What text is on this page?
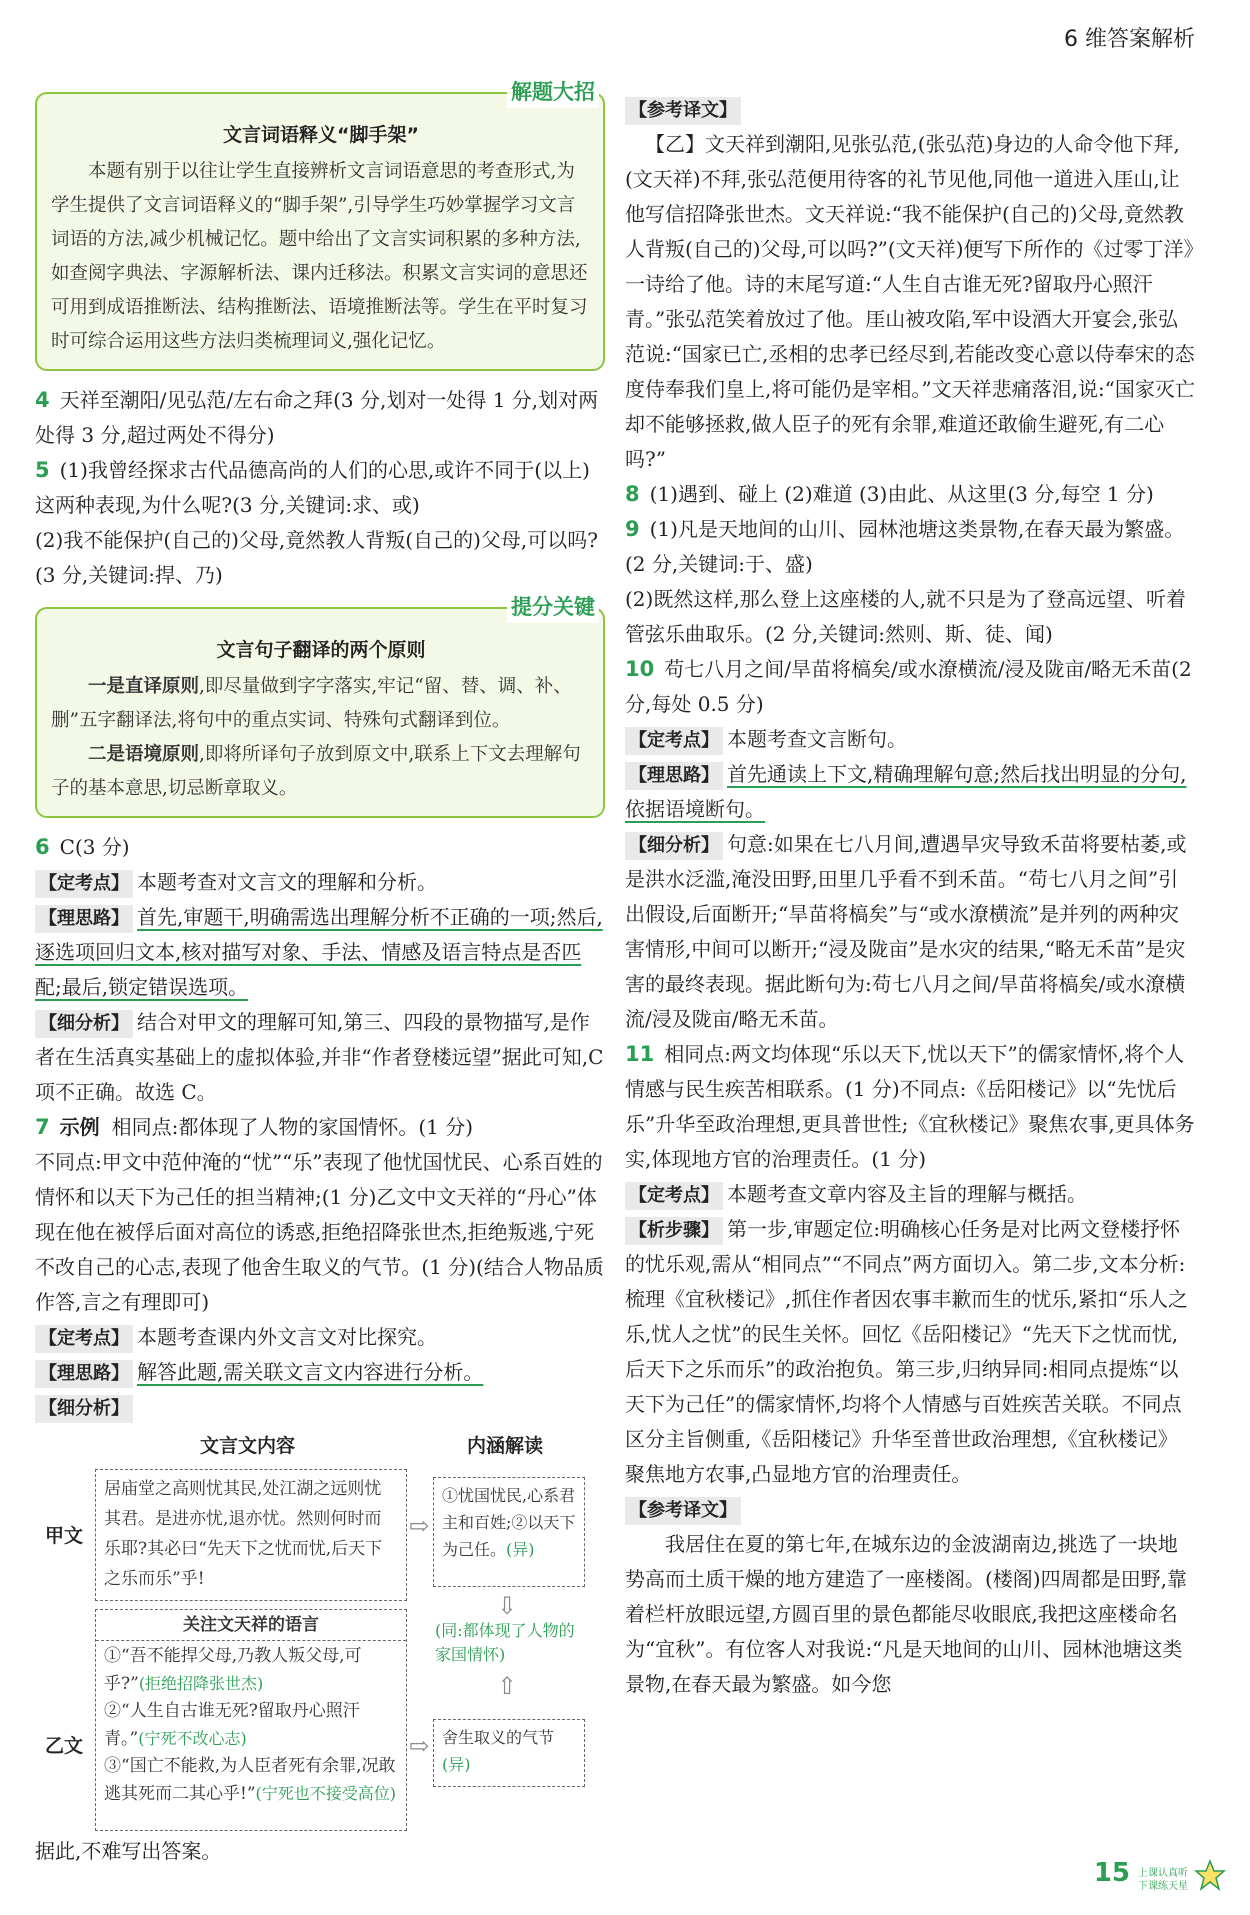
6 维答案解析
解题大招
文言词语释义“脚手架”
本题有别于以往让学生直接辨析文言词语意思的考查形式,为学生提供了文言词语释义的“脚手架”,引导学生巧妙掌握学习文言词语的方法,减少机械记忆。题中给出了文言实词积累的多种方法,如查阅字典法、字源解析法、课内迁移法。积累文言实词的意思还可用到成语推断法、结构推断法、语境推断法等。学生在平时复习时可综合运用这些方法归类梳理词义,强化记忆。

4 天祥至潮阳/见弘范/左右命之拜(3 分,划对一处得 1 分,划对两处得 3 分,超过两处不得分)

5 (1)我曾经探求古代品德高尚的人们的心思,或许不同于(以上)这两种表现,为什么呢?(3 分,关键词:求、或)

(2)我不能保护(自己的)父母,竟然教人背叛(自己的)父母,可以吗?(3 分,关键词:捍、乃)

提分关键
文言句子翻译的两个原则
一是直译原则,即尽量做到字字落实,牢记“留、替、调、补、删”五字翻译法,将句中的重点实词、特殊句式翻译到位。
二是语境原则,即将所译句子放到原文中,联系上下文去理解句子的基本意思,切忌断章取义。

6 C(3 分)

【定考点】 本题考查对文言文的理解和分析。

【理思路】 首先,审题干,明确需选出理解分析不正确的一项;然后,逐选项回归文本,核对描写对象、手法、情感及语言特点是否匹配;最后,锁定错误选项。

【细分析】 结合对甲文的理解可知,第三、四段的景物描写,是作者在生活真实基础上的虚拟体验,并非“作者登楼远望”据此可知,C 项不正确。故选 C。

7 示例 相同点:都体现了人物的家国情怀。(1 分)

不同点:甲文中范仲淹的“忧”“乐”表现了他忧国忧民、心系百姓的情怀和以天下为己任的担当精神;(1 分)乙文中文天祥的“丹心”体现在他在被俘后面对高位的诱惑,拒绝招降张世杰,拒绝叛逃,宁死不改自己的心志,表现了他舍生取义的气节。(1 分)(结合人物品质作答,言之有理即可)

【定考点】 本题考查课内外文言文对比探究。

【理思路】 解答此题,需关联文言文内容进行分析。

【细分析】

文言文内容	内涵解读
甲文
居庙堂之高则忧其民,处江湖之远则忧其君。是进亦忧,退亦忧。然则何时而乐耶?其必曰“先天下之忧而忧,后天下之乐而乐”乎!
⇨
①忧国忧民,心系君主和百姓;②以天下为己任。(异)
⇩
(同:都体现了人物的家国情怀)
⇧
乙文
关注文天祥的语言
①“吾不能捍父母,乃教人叛父母,可乎?”(拒绝招降张世杰)
②“人生自古谁无死?留取丹心照汗青。”(宁死不改心志)
③“国亡不能救,为人臣者死有余罪,况敢逃其死而二其心乎!”(宁死也不接受高位)
⇨ 舍生取义的气节(异)

据此,不难写出答案。

【参考译文】

【乙】文天祥到潮阳,见张弘范,(张弘范)身边的人命令他下拜,(文天祥)不拜,张弘范便用待客的礼节见他,同他一道进入厓山,让他写信招降张世杰。文天祥说:“我不能保护(自己的)父母,竟然教人背叛(自己的)父母,可以吗?”(文天祥)便写下所作的《过零丁洋》一诗给了他。诗的末尾写道:“人生自古谁无死?留取丹心照汗青。”张弘范笑着放过了他。厓山被攻陷,军中设酒大开宴会,张弘范说:“国家已亡,丞相的忠孝已经尽到,若能改变心意以侍奉宋的态度侍奉我们皇上,将可能仍是宰相。”文天祥悲痛落泪,说:“国家灭亡却不能够拯救,做人臣子的死有余罪,难道还敢偷生避死,有二心吗?”

8 (1)遇到、碰上 (2)难道 (3)由此、从这里(3 分,每空 1 分)

9 (1)凡是天地间的山川、园林池塘这类景物,在春天最为繁盛。(2 分,关键词:于、盛)

(2)既然这样,那么登上这座楼的人,就不只是为了登高远望、听着管弦乐曲取乐。(2 分,关键词:然则、斯、徒、闻)

10 苟七八月之间/旱苗将槁矣/或水潦横流/浸及陇亩/略无禾苗(2 分,每处 0.5 分)

【定考点】 本题考查文言断句。

【理思路】 首先通读上下文,精确理解句意;然后找出明显的分句,依据语境断句。

【细分析】 句意:如果在七八月间,遭遇旱灾导致禾苗将要枯萎,或是洪水泛滥,淹没田野,田里几乎看不到禾苗。“苟七八月之间”引出假设,后面断开;“旱苗将槁矣”与“或水潦横流”是并列的两种灾害情形,中间可以断开;“浸及陇亩”是水灾的结果,“略无禾苗”是灾害的最终表现。据此断句为:苟七八月之间/旱苗将槁矣/或水潦横流/浸及陇亩/略无禾苗。

11 相同点:两文均体现“乐以天下,忧以天下”的儒家情怀,将个人情感与民生疾苦相联系。(1 分)不同点:《岳阳楼记》以“先忧后乐”升华至政治理想,更具普世性;《宜秋楼记》聚焦农事,更具体务实,体现地方官的治理责任。(1 分)

【定考点】 本题考查文章内容及主旨的理解与概括。

【析步骤】 第一步,审题定位:明确核心任务是对比两文登楼抒怀的忧乐观,需从“相同点”“不同点”两方面切入。第二步,文本分析:梳理《宜秋楼记》,抓住作者因农事丰歉而生的忧乐,紧扣“乐人之乐,忧人之忧”的民生关怀。回忆《岳阳楼记》“先天下之忧而忧,后天下之乐而乐”的政治抱负。第三步,归纳异同:相同点提炼“以天下为己任”的儒家情怀,均将个人情感与百姓疾苦关联。不同点区分主旨侧重,《岳阳楼记》升华至普世政治理想,《宜秋楼记》聚焦地方农事,凸显地方官的治理责任。

【参考译文】

我居住在夏的第七年,在城东边的金波湖南边,挑选了一块地势高而土质干燥的地方建造了一座楼阁。(楼阁)四周都是田野,靠着栏杆放眼远望,方圆百里的景色都能尽收眼底,我把这座楼命名为“宜秋”。有位客人对我说:“凡是天地间的山川、园林池塘这类景物,在春天最为繁盛。如今您

15 上课认真听
下课练天星
